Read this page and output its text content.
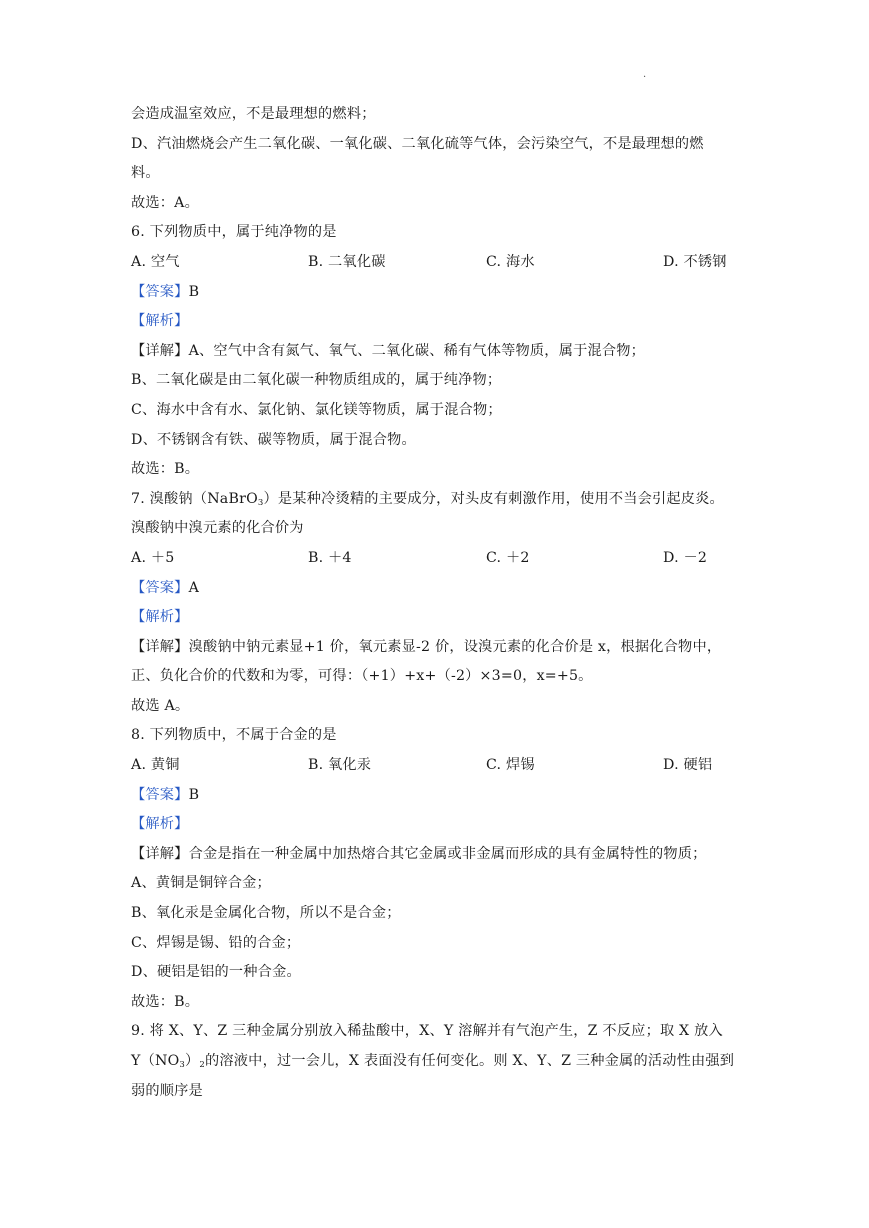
·
会造成温室效应，不是最理想的燃料；
D、汽油燃烧会产生二氧化碳、一氧化碳、二氧化硫等气体，会污染空气，不是最理想的燃
料。
故选：A。
6. 下列物质中，属于纯净物的是
A. 空气	B. 二氧化碳	C. 海水	D. 不锈钢
【答案】B
【解析】
【详解】A、空气中含有氮气、氧气、二氧化碳、稀有气体等物质，属于混合物；
B、二氧化碳是由二氧化碳一种物质组成的，属于纯净物；
C、海水中含有水、氯化钠、氯化镁等物质，属于混合物；
D、不锈钢含有铁、碳等物质，属于混合物。
故选：B。
7. 溴酸钠（NaBrO$_3$）是某种冷烫精的主要成分，对头皮有刺激作用，使用不当会引起皮炎。
溴酸钠中溴元素的化合价为
A. ＋5	B. ＋4	C. ＋2	D. －2
【答案】A
【解析】
【详解】溴酸钠中钠元素显+1 价，氧元素显-2 价，设溴元素的化合价是 x，根据化合物中，
正、负化合价的代数和为零，可得：（+1）+x+（-2）×3=0，x=+5。
故选 A。
8. 下列物质中，不属于合金的是
A. 黄铜	B. 氧化汞	C. 焊锡	D. 硬铝
【答案】B
【解析】
【详解】合金是指在一种金属中加热熔合其它金属或非金属而形成的具有金属特性的物质；
A、黄铜是铜锌合金；
B、氧化汞是金属化合物，所以不是合金；
C、焊锡是锡、铅的合金；
D、硬铝是铝的一种合金。
故选：B。
9. 将 X、Y、Z 三种金属分别放入稀盐酸中，X、Y 溶解并有气泡产生，Z 不反应；取 X 放入
$Y(NO_3)_2$的溶液中，过一会儿，X 表面没有任何变化。则 X、Y、Z 三种金属的活动性由强到
弱的顺序是
